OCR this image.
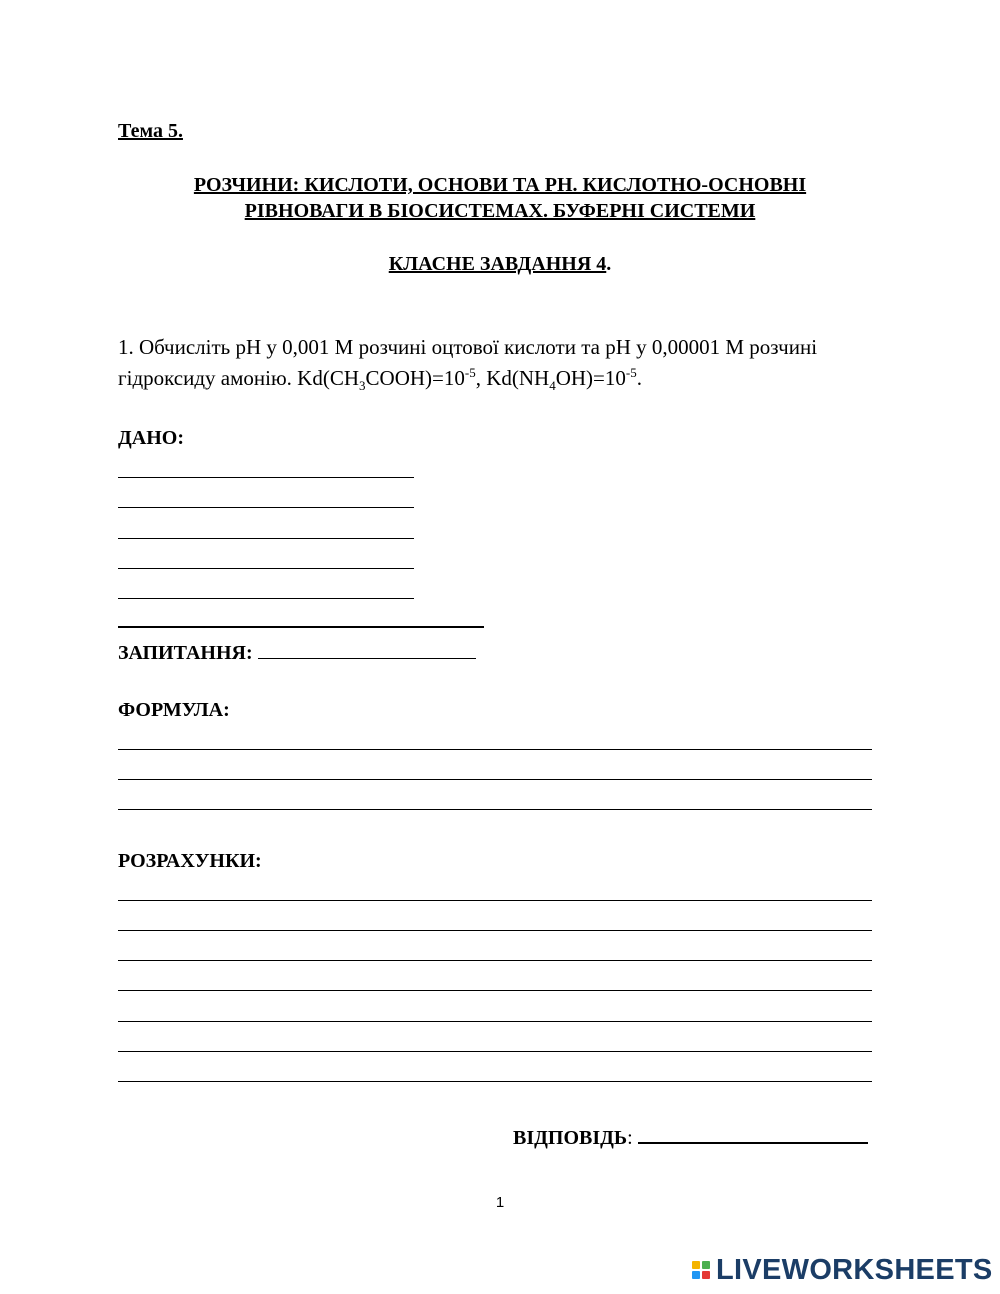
Тема 5.
РОЗЧИНИ: КИСЛОТИ, ОСНОВИ ТА РН. КИСЛОТНО-ОСНОВНІ
РІВНОВАГИ В БІОСИСТЕМАХ. БУФЕРНІ СИСТЕМИ
КЛАСНЕ ЗАВДАННЯ 4.
1. Обчисліть pH у 0,001 М розчині оцтової кислоти та pH у 0,00001 М розчині
гідроксиду амонію. $Kd(CH_3COOH)=10^{-5}$, $Kd(NH_4OH)=10^{-5}$.
ДАНО:
ЗАПИТАННЯ:
ФОРМУЛА:
РОЗРАХУНКИ:
ВІДПОВІДЬ:
1
LIVEWORKSHEETS
